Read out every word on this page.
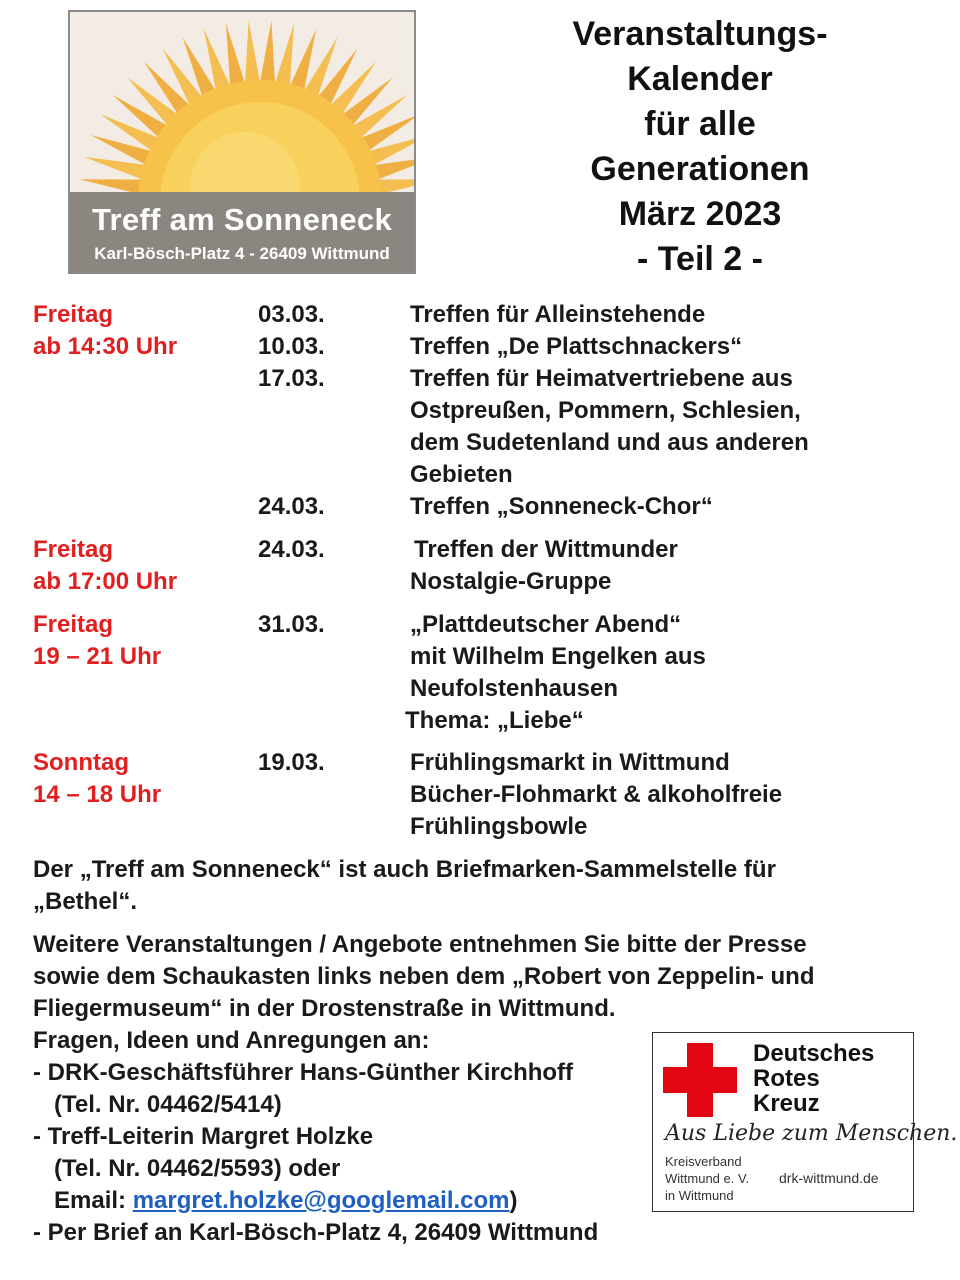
Treff am Sonneneck
Karl-Bösch-Platz 4 - 26409 Wittmund
Veranstaltungs-
Kalender
für alle
Generationen
März 2023
- Teil 2 -
Freitag
ab 14:30 Uhr
03.03.	Treffen für Alleinstehende
10.03.	Treffen „De Plattschnackers“
17.03.	Treffen für Heimatvertriebene aus
Ostpreußen, Pommern, Schlesien,
dem Sudetenland und aus anderen
Gebieten
24.03.	Treffen „Sonneneck-Chor“
Freitag
ab 17:00 Uhr
24.03.	Treffen der Wittmunder
Nostalgie-Gruppe
Freitag
19 – 21 Uhr
31.03.	„Plattdeutscher Abend“
mit Wilhelm Engelken aus
Neufolstenhausen
Thema: „Liebe“
Sonntag
14 – 18 Uhr
19.03.	Frühlingsmarkt in Wittmund
Bücher-Flohmarkt & alkoholfreie
Frühlingsbowle
Der „Treff am Sonneneck“ ist auch Briefmarken-Sammelstelle für
„Bethel“.
Weitere Veranstaltungen / Angebote entnehmen Sie bitte der Presse
sowie dem Schaukasten links neben dem „Robert von Zeppelin- und
Fliegermuseum“ in der Drostenstraße in Wittmund.
Fragen, Ideen und Anregungen an:
- DRK-Geschäftsführer Hans-Günther Kirchhoff
(Tel. Nr. 04462/5414)
- Treff-Leiterin Margret Holzke
(Tel. Nr. 04462/5593) oder
Email: margret.holzke@googlemail.com)
- Per Brief an Karl-Bösch-Platz 4, 26409 Wittmund
Deutsches
Rotes
Kreuz
Aus Liebe zum Menschen.
Kreisverband
Wittmund e. V.
in Wittmund
drk-wittmund.de
